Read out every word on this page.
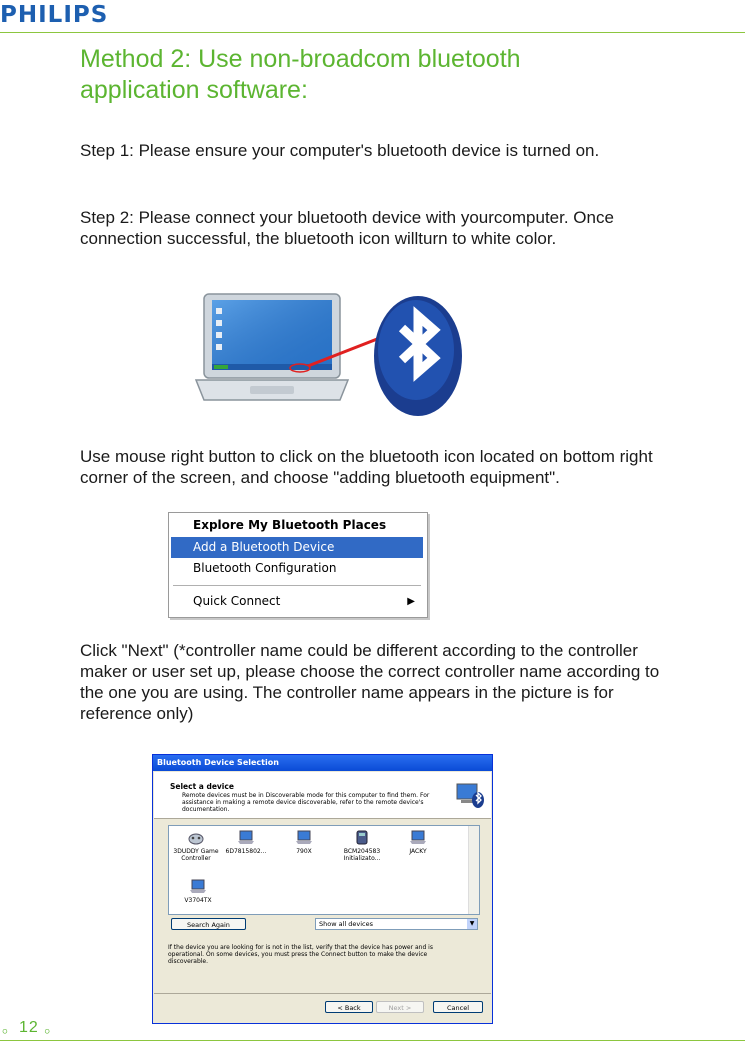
PHILIPS
Method 2: Use non-broadcom bluetooth application software:
Step 1: Please ensure your computer's bluetooth device is turned on.
Step 2: Please connect your bluetooth device with yourcomputer. Once connection successful, the bluetooth icon willturn to white color.
Use mouse right button to click on the bluetooth icon located on bottom right corner of the screen, and choose "adding bluetooth equipment".
Explore My Bluetooth Places
Add a Bluetooth Device
Bluetooth Configuration
Quick Connect	▶
Click "Next" (*controller name could be different according to the controller maker or user set up, please choose the correct controller name according to the one you are using. The controller name appears in the picture is for reference only)
Bluetooth Device Selection
Select a device
Remote devices must be in Discoverable mode for this computer to find them. For assistance in making a remote device discoverable, refer to the remote device's documentation.
3DUDDY Game Controller
6D7815802...	790X	BCM204583 Initializato...
JACKY
V3704TX
Search Again	Show all devices	▼
If the device you are looking for is not in the list, verify that the device has power and is operational. On some devices, you must press the Connect button to make the device discoverable.
< Back	Next >	Cancel
。12 。
